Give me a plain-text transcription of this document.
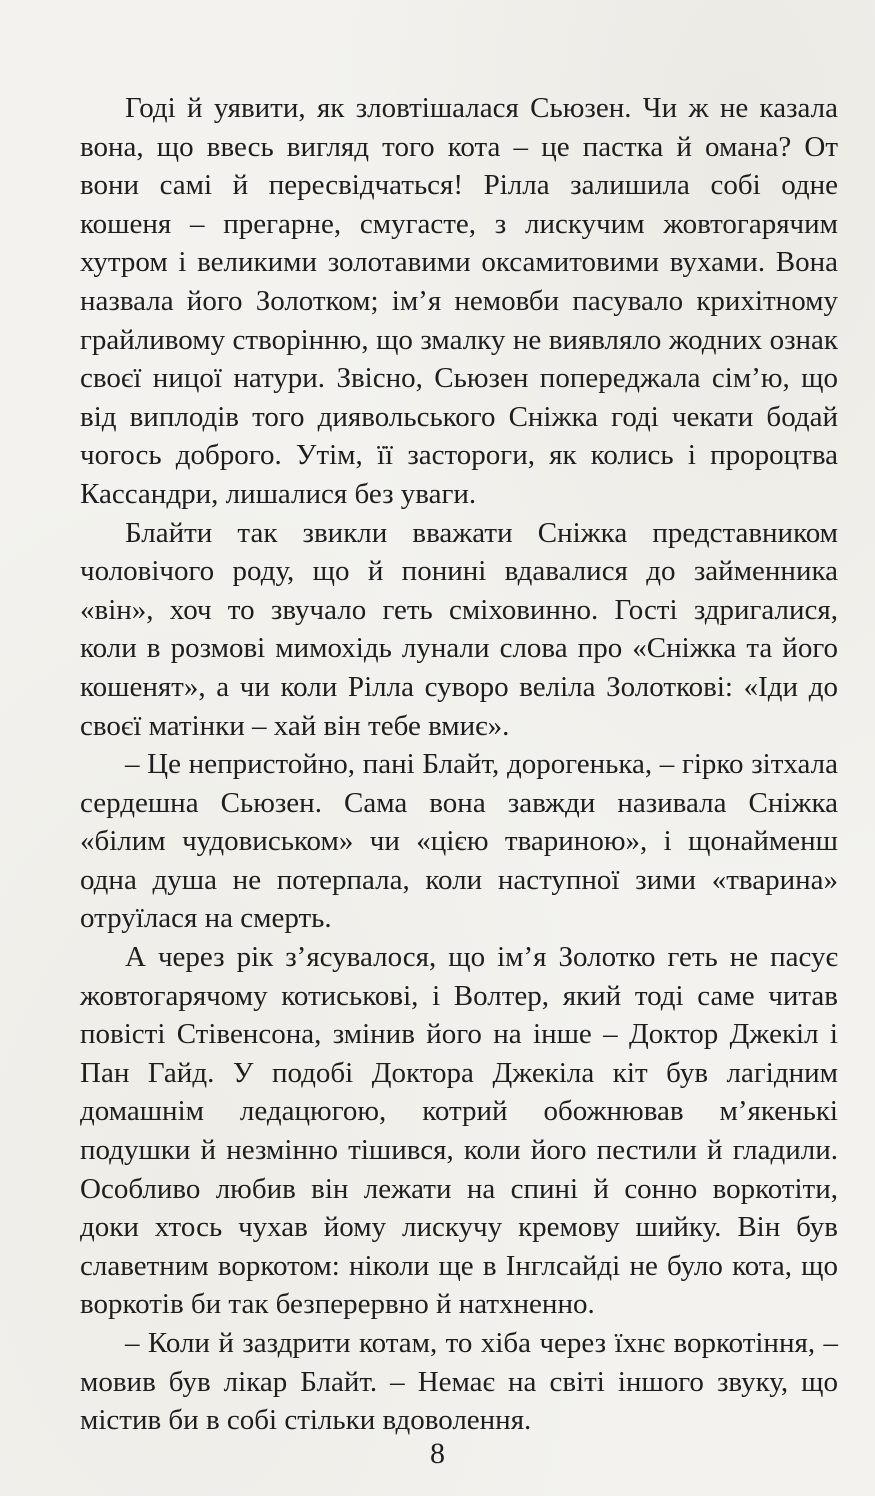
Годі й уявити, як зловтішалася Сьюзен. Чи ж не казала вона, що ввесь вигляд того кота – це пастка й омана? От вони самі й пересвідчаться! Рілла залишила собі одне кошеня – прегарне, смугасте, з лискучим жовтогарячим хутром і великими золотавими оксамитовими вухами. Вона назвала його Золотком; ім’я немовби пасувало крихітному грайливому створінню, що змалку не виявляло жодних ознак своєї ницої натури. Звісно, Сьюзен попереджала сім’ю, що від виплодів того диявольського Сніжка годі чекати бодай чогось доброго. Утім, її застороги, як колись і пророцтва Кассандри, лишалися без уваги.

Блайти так звикли вважати Сніжка представником чоловічого роду, що й понині вдавалися до займенника «він», хоч то звучало геть сміховинно. Гості здригалися, коли в розмові мимохідь лунали слова про «Сніжка та його кошенят», а чи коли Рілла суворо веліла Золоткові: «Іди до своєї матінки – хай він тебе вмиє».

– Це непристойно, пані Блайт, дорогенька, – гірко зітхала сердешна Сьюзен. Сама вона завжди називала Сніжка «білим чудовиськом» чи «цією твариною», і щонайменш одна душа не потерпала, коли наступної зими «тварина» отруїлася на смерть.

А через рік з’ясувалося, що ім’я Золотко геть не пасує жовтогарячому котиськові, і Волтер, який тоді саме читав повісті Стівенсона, змінив його на інше – Доктор Джекіл і Пан Гайд. У подобі Доктора Джекіла кіт був лагідним домашнім ледацюгою, котрий обожнював м’якенькі подушки й незмінно тішився, коли його пестили й гладили. Особливо любив він лежати на спині й сонно воркотіти, доки хтось чухав йому лискучу кремову шийку. Він був славетним воркотом: ніколи ще в Інглсайді не було кота, що воркотів би так безперервно й натхненно.

– Коли й заздрити котам, то хіба через їхнє воркотіння, – мовив був лікар Блайт. – Немає на світі іншого звуку, що містив би в собі стільки вдоволення.

8
